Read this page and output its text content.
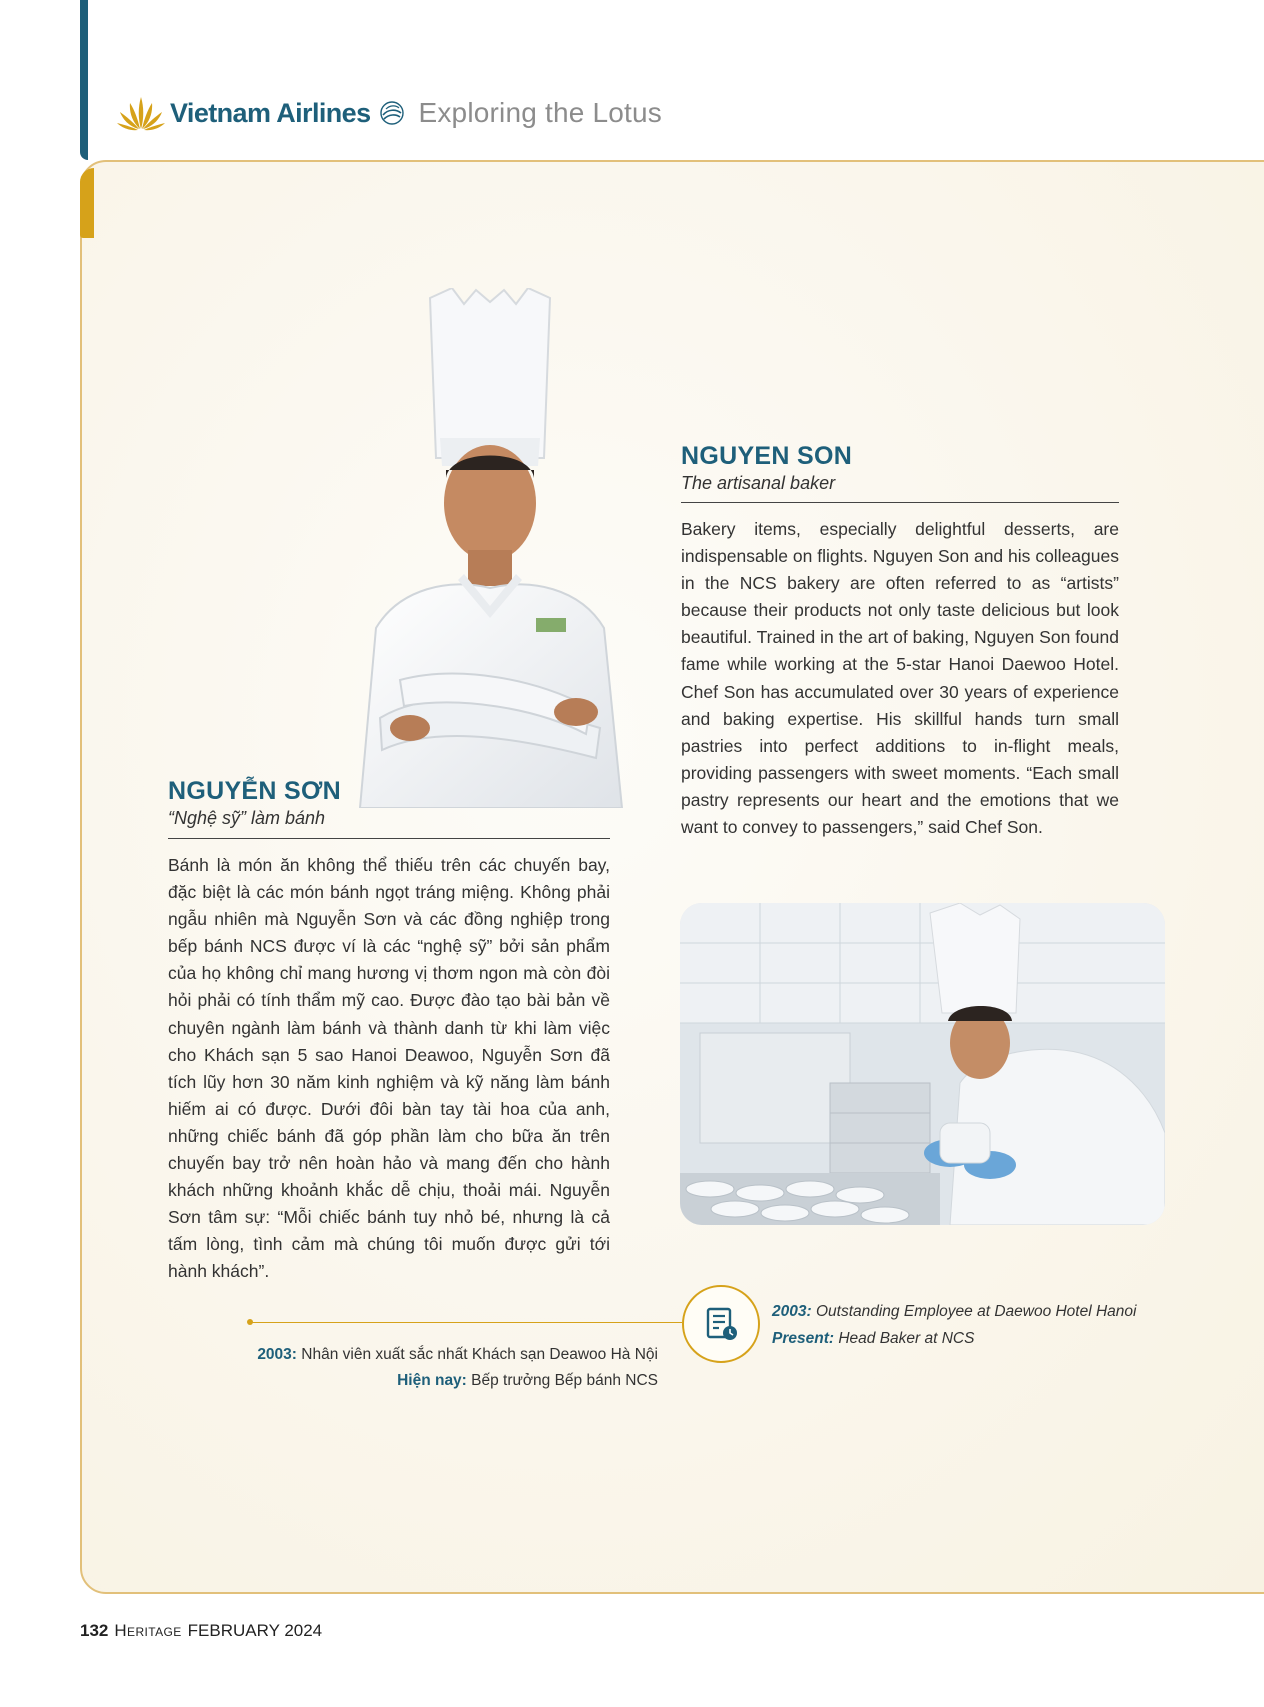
Vietnam Airlines Exploring the Lotus
NGUYỄN SƠN
“Nghệ sỹ” làm bánh
Bánh là món ăn không thể thiếu trên các chuyến bay, đặc biệt là các món bánh ngọt tráng miệng. Không phải ngẫu nhiên mà Nguyễn Sơn và các đồng nghiệp trong bếp bánh NCS được ví là các “nghệ sỹ” bởi sản phẩm của họ không chỉ mang hương vị thơm ngon mà còn đòi hỏi phải có tính thẩm mỹ cao. Được đào tạo bài bản về chuyên ngành làm bánh và thành danh từ khi làm việc cho Khách sạn 5 sao Hanoi Deawoo, Nguyễn Sơn đã tích lũy hơn 30 năm kinh nghiệm và kỹ năng làm bánh hiếm ai có được. Dưới đôi bàn tay tài hoa của anh, những chiếc bánh đã góp phần làm cho bữa ăn trên chuyến bay trở nên hoàn hảo và mang đến cho hành khách những khoảnh khắc dễ chịu, thoải mái. Nguyễn Sơn tâm sự: “Mỗi chiếc bánh tuy nhỏ bé, nhưng là cả tấm lòng, tình cảm mà chúng tôi muốn được gửi tới hành khách”.
NGUYEN SON
The artisanal baker
Bakery items, especially delightful desserts, are indispensable on flights. Nguyen Son and his colleagues in the NCS bakery are often referred to as “artists” because their products not only taste delicious but look beautiful. Trained in the art of baking, Nguyen Son found fame while working at the 5-star Hanoi Daewoo Hotel. Chef Son has accumulated over 30 years of experience and baking expertise. His skillful hands turn small pastries into perfect additions to in-flight meals, providing passengers with sweet moments. “Each small pastry represents our heart and the emotions that we want to convey to passengers,” said Chef Son.
2003: Nhân viên xuất sắc nhất Khách sạn Deawoo Hà Nội
Hiện nay: Bếp trưởng Bếp bánh NCS
2003: Outstanding Employee at Daewoo Hotel Hanoi
Present: Head Baker at NCS
132 Heritage FEBRUARY 2024
